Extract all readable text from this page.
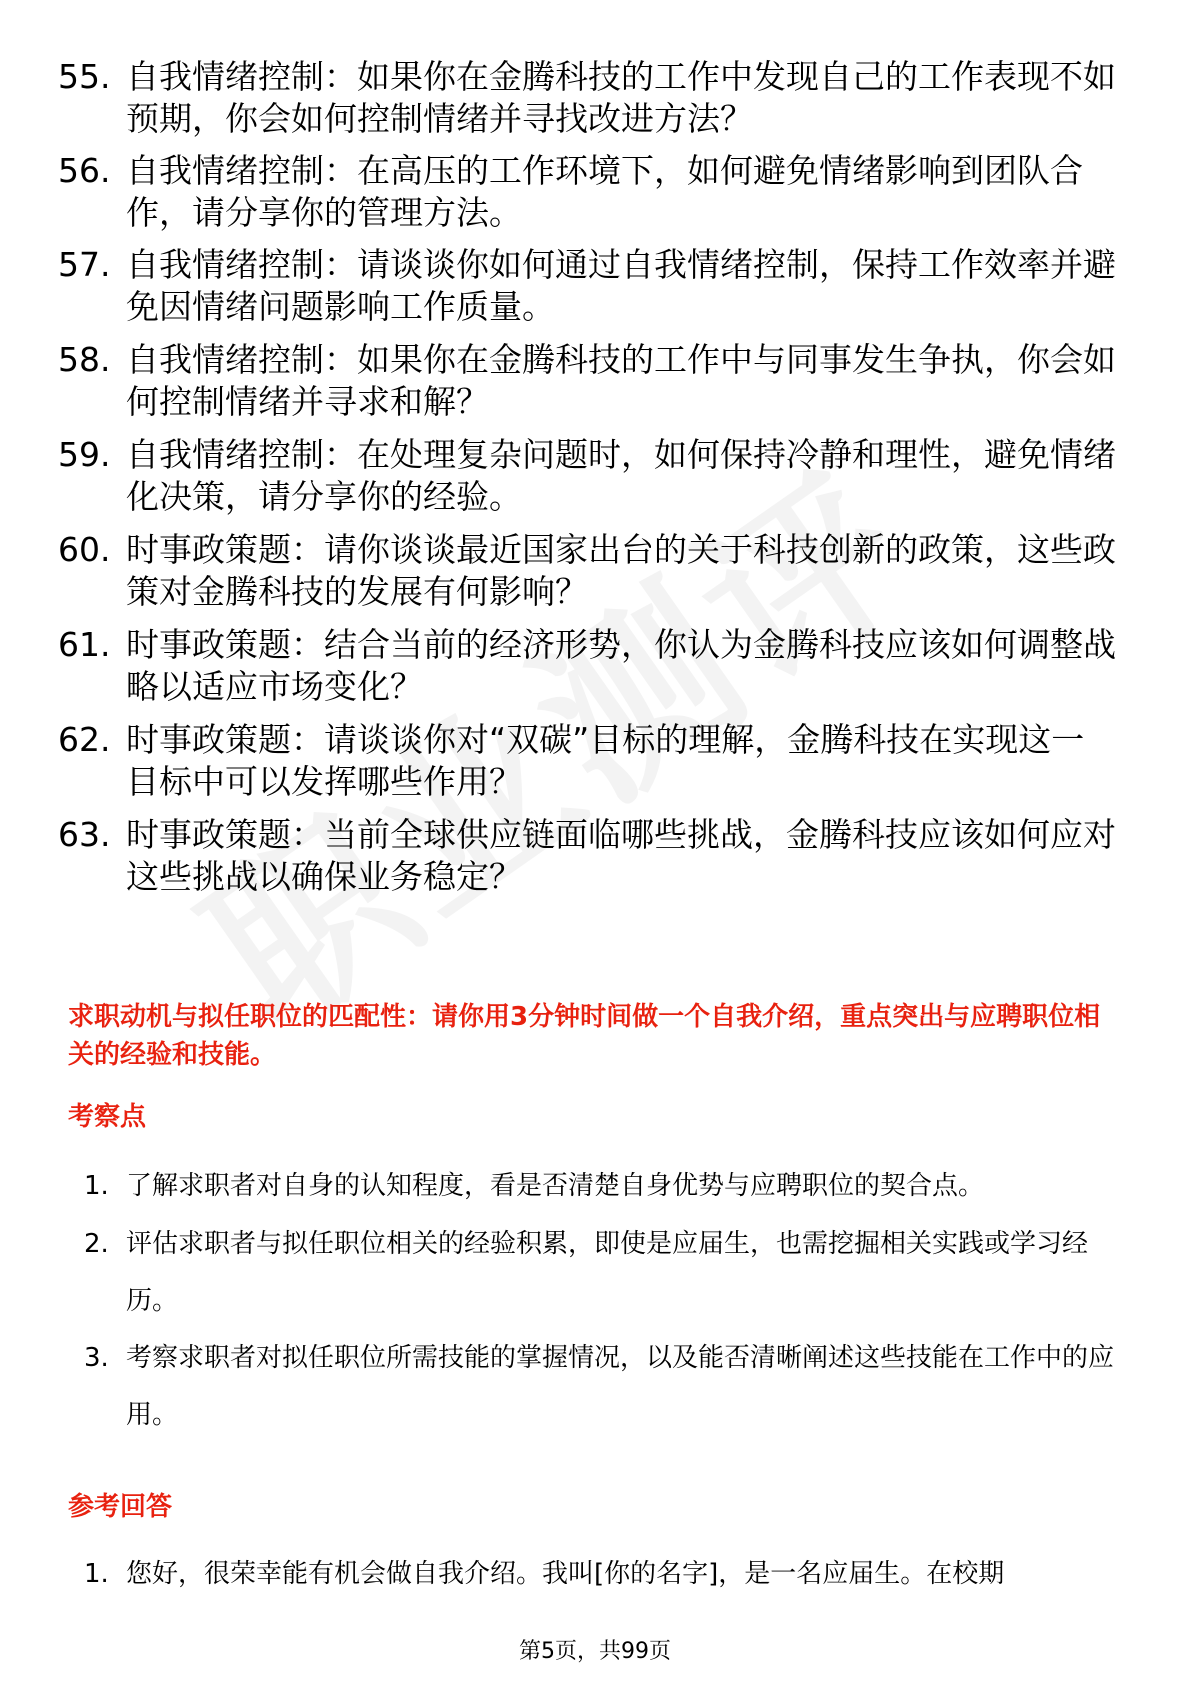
55. 自我情绪控制：如果你在金腾科技的工作中发现自己的工作表现不如预期，你会如何控制情绪并寻找改进方法？
56. 自我情绪控制：在高压的工作环境下，如何避免情绪影响到团队合作，请分享你的管理方法。
57. 自我情绪控制：请谈谈你如何通过自我情绪控制，保持工作效率并避免因情绪问题影响工作质量。
58. 自我情绪控制：如果你在金腾科技的工作中与同事发生争执，你会如何控制情绪并寻求和解？
59. 自我情绪控制：在处理复杂问题时，如何保持冷静和理性，避免情绪化决策，请分享你的经验。
60. 时事政策题：请你谈谈最近国家出台的关于科技创新的政策，这些政策对金腾科技的发展有何影响？
61. 时事政策题：结合当前的经济形势，你认为金腾科技应该如何调整战略以适应市场变化？
62. 时事政策题：请谈谈你对“双碳”目标的理解，金腾科技在实现这一目标中可以发挥哪些作用？
63. 时事政策题：当前全球供应链面临哪些挑战，金腾科技应该如何应对这些挑战以确保业务稳定？
求职动机与拟任职位的匹配性：请你用3分钟时间做一个自我介绍，重点突出与应聘职位相关的经验和技能。
考察点
1. 了解求职者对自身的认知程度，看是否清楚自身优势与应聘职位的契合点。
2. 评估求职者与拟任职位相关的经验积累，即使是应届生，也需挖掘相关实践或学习经历。
3. 考察求职者对拟任职位所需技能的掌握情况，以及能否清晰阐述这些技能在工作中的应用。
参考回答
1. 您好，很荣幸能有机会做自我介绍。我叫[你的名字]，是一名应届生。在校期
第5页，共99页
